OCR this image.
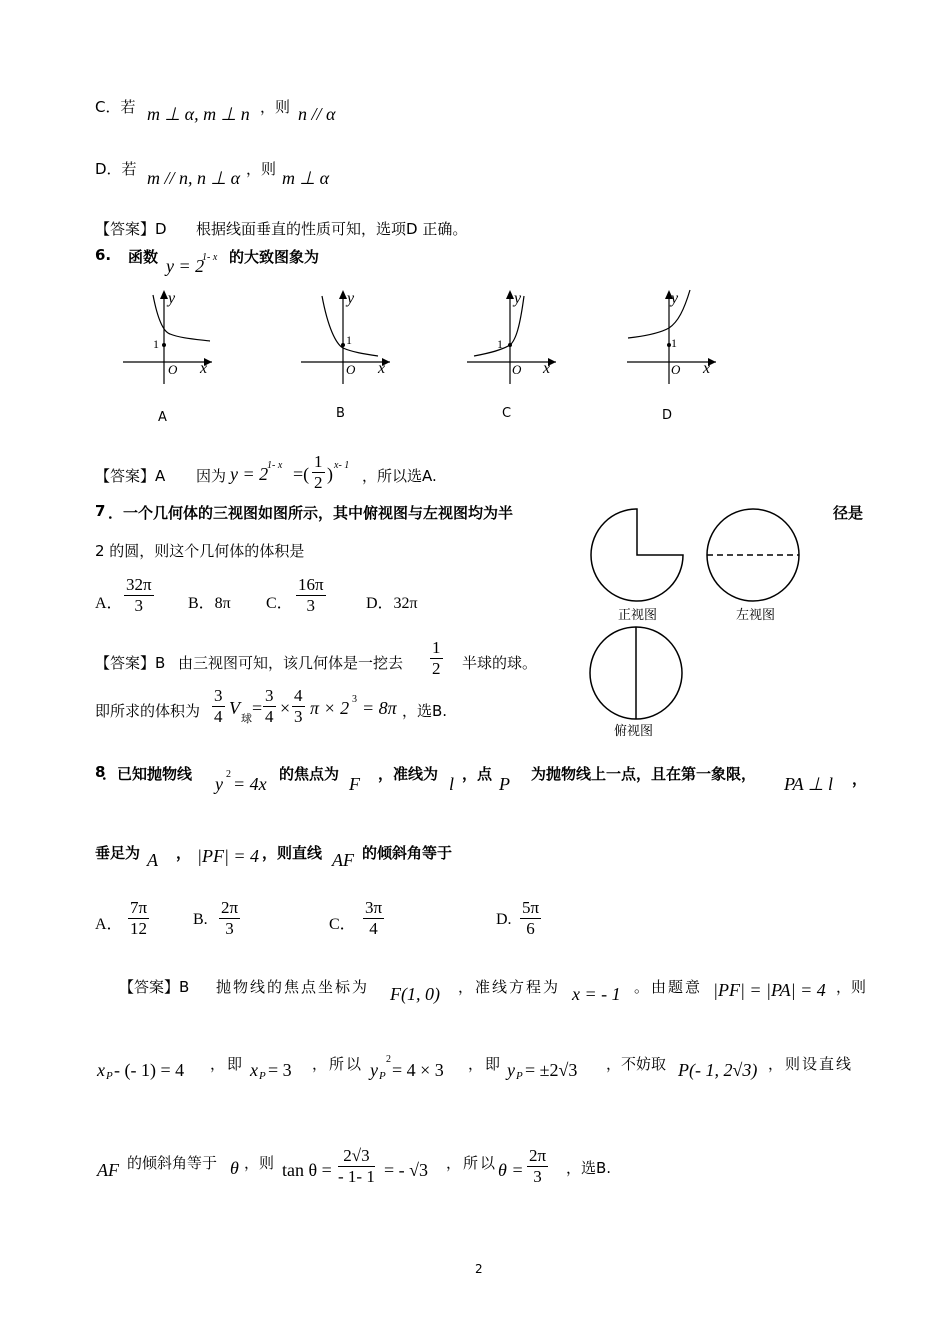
C．若 m ⊥ α, m ⊥ n ，则 n // α
D．若 m // n, n ⊥ α ，则 m ⊥ α
【答案】D 根据线面垂直的性质可知，选项D 正确。
6. 函数 y = 2
1- x 的大致图象为
y
x
O
1
A
y
x
O
1
B
y
x
O
1
C
y
x
O
1
D
【答案】A 因为 y = 2
1- x =( $\frac{1}{2}$ ) x- 1
，所以选A.
7 ．一个几何体的三视图如图所示，其中俯视图与左视图均为半	径是
2 的圆，则这个几何体的体积是
A． $\frac{32\pi}{3}$ B．8π C． $\frac{16\pi}{3}$	D．32π
正视图	左视图
俯视图
【答案】B 由三视图可知，该几何体是一挖去 $\frac{1}{2}$ 半球的球。
即所求的体积为 $\frac{3}{4}$ V
球
= $\frac{3}{4} \times \frac{4}{3}$ π × 2 3 = 8π ，选B.
8
．已知抛物线 y 2 = 4x 的焦点为 F ，准线为 l ，点 P 为抛物线上一点，且在第一象限， PA ⊥ l ，
垂足为 A ， |PF| = 4 ，则直线 AF 的倾斜角等于
A． $\frac{7\pi}{12}$	B. $\frac{2\pi}{3}$	C． $\frac{3\pi}{4}$	D. $\frac{5\pi}{6}$
【答案】B 抛物线的焦点坐标为 F(1, 0) ，准线方程为 x = - 1 。由题意 |PF| = |PA| = 4 ，则
x P - (- 1) = 4 ，即 x P = 3 ，所以 y P
2
= 4 × 3 ，即 y P = ±2√3 ，不妨取 P(- 1, 2√3) ，则设直线
AF 的倾斜角等于 θ ，则 $\tan \theta = \frac{2√3}{- 1- 1}$ = - √3 ，所以 $\theta = \frac{2\pi}{3}$ ，选B.
2
